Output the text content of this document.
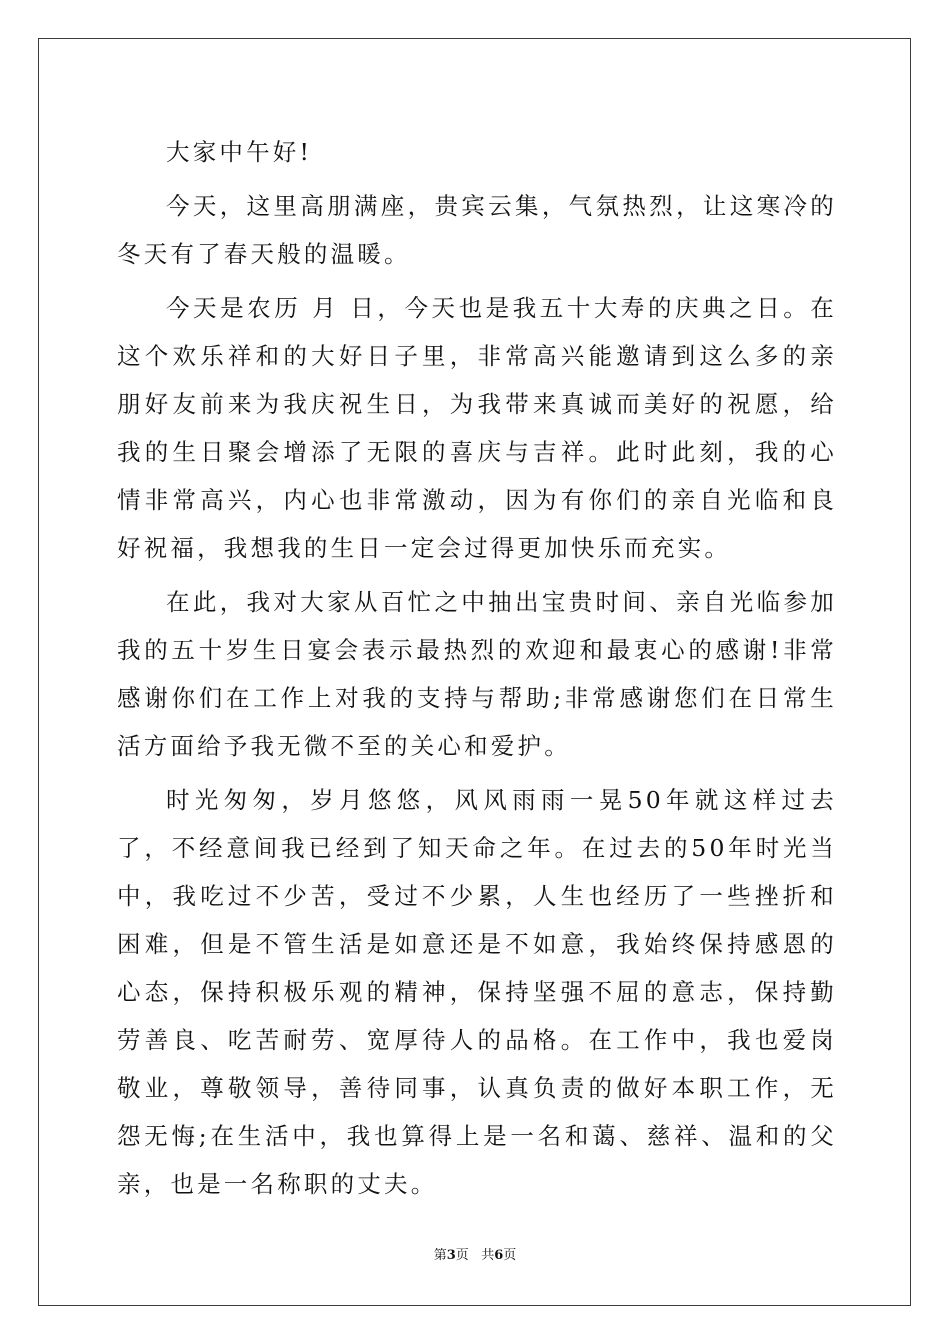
大家中午好!

今天，这里高朋满座，贵宾云集，气氛热烈，让这寒冷的冬天有了春天般的温暖。

今天是农历 月 日，今天也是我五十大寿的庆典之日。在这个欢乐祥和的大好日子里，非常高兴能邀请到这么多的亲朋好友前来为我庆祝生日，为我带来真诚而美好的祝愿，给我的生日聚会增添了无限的喜庆与吉祥。此时此刻，我的心情非常高兴，内心也非常激动，因为有你们的亲自光临和良好祝福，我想我的生日一定会过得更加快乐而充实。

在此，我对大家从百忙之中抽出宝贵时间、亲自光临参加我的五十岁生日宴会表示最热烈的欢迎和最衷心的感谢!非常感谢你们在工作上对我的支持与帮助;非常感谢您们在日常生活方面给予我无微不至的关心和爱护。

时光匆匆，岁月悠悠，风风雨雨一晃50年就这样过去了，不经意间我已经到了知天命之年。在过去的50年时光当中，我吃过不少苦，受过不少累，人生也经历了一些挫折和困难，但是不管生活是如意还是不如意，我始终保持感恩的心态，保持积极乐观的精神，保持坚强不屈的意志，保持勤劳善良、吃苦耐劳、宽厚待人的品格。在工作中，我也爱岗敬业，尊敬领导，善待同事，认真负责的做好本职工作，无怨无悔;在生活中，我也算得上是一名和蔼、慈祥、温和的父亲，也是一名称职的丈夫。

第3页 共6页
